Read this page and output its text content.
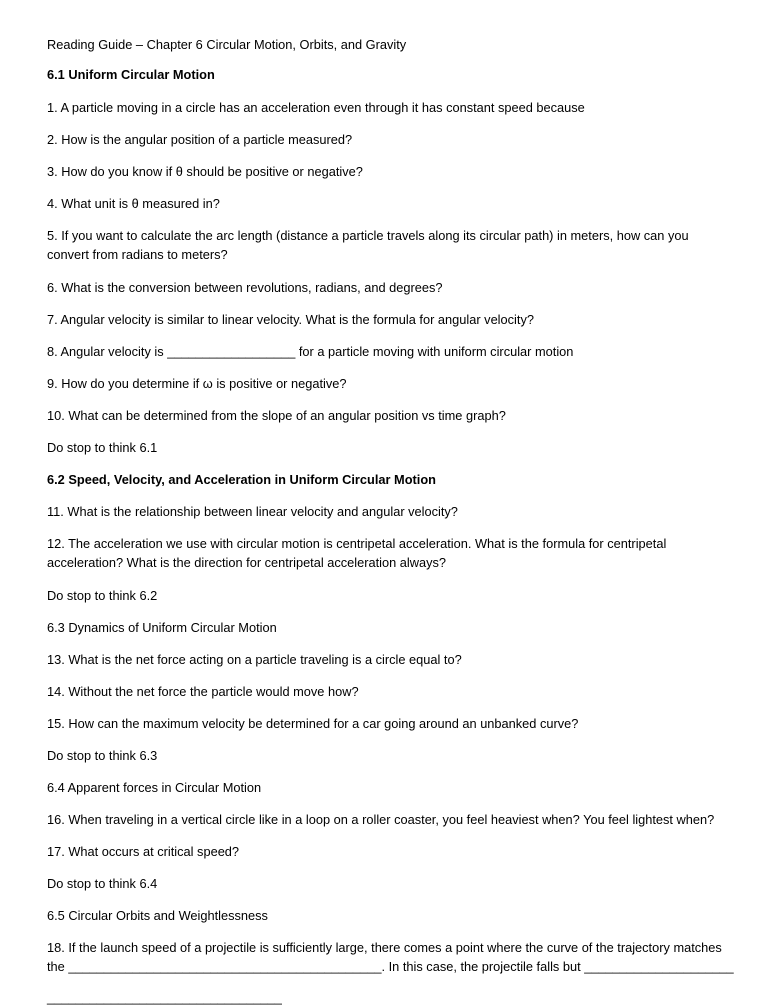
Reading Guide – Chapter 6 Circular Motion, Orbits, and Gravity

6.1 Uniform Circular Motion

1. A particle moving in a circle has an acceleration even through it has constant speed because

2. How is the angular position of a particle measured?

3. How do you know if θ should be positive or negative?

4. What unit is θ measured in?

5. If you want to calculate the arc length (distance a particle travels along its circular path) in meters, how can you

convert from radians to meters?

6. What is the conversion between revolutions, radians, and degrees?

7. Angular velocity is similar to linear velocity. What is the formula for angular velocity?

8. Angular velocity is __________________ for a particle moving with uniform circular motion

9. How do you determine if ω is positive or negative?

10. What can be determined from the slope of an angular position vs time graph?

Do stop to think 6.1

6.2 Speed, Velocity, and Acceleration in Uniform Circular Motion

11. What is the relationship between linear velocity and angular velocity?

12. The acceleration we use with circular motion is centripetal acceleration. What is the formula for centripetal

acceleration? What is the direction for centripetal acceleration always?

Do stop to think 6.2

6.3 Dynamics of Uniform Circular Motion

13. What is the net force acting on a particle traveling is a circle equal to?

14. Without the net force the particle would move how?

15. How can the maximum velocity be determined for a car going around an unbanked curve?

Do stop to think 6.3

6.4 Apparent forces in Circular Motion

16. When traveling in a vertical circle like in a loop on a roller coaster, you feel heaviest when? You feel lightest when?

17. What occurs at critical speed?

Do stop to think 6.4

6.5 Circular Orbits and Weightlessness

18. If the launch speed of a projectile is sufficiently large, there comes a point where the curve of the trajectory matches

the ____________________________________________. In this case, the projectile falls but _____________________

_________________________________
